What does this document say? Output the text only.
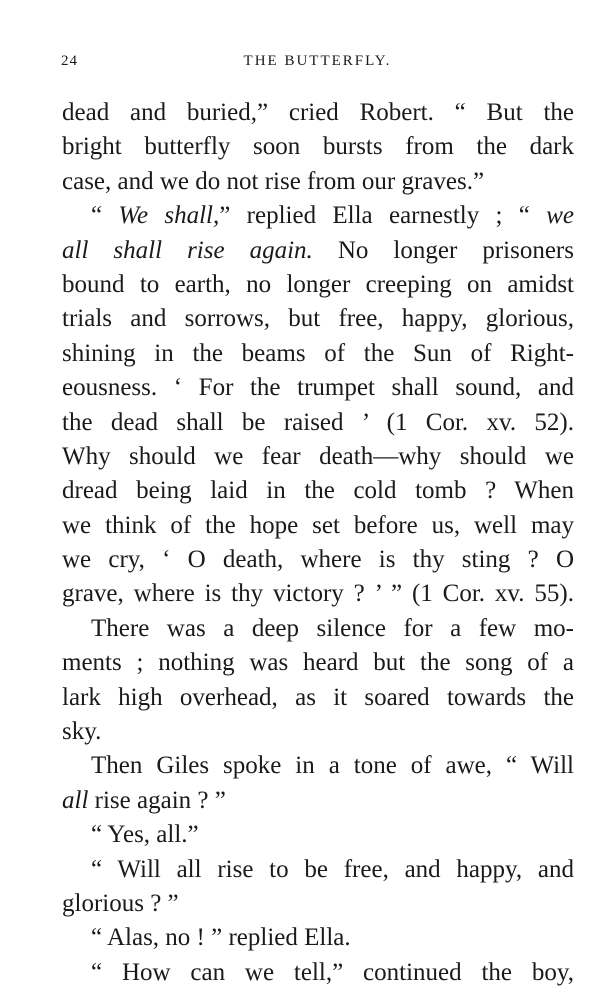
24	THE BUTTERFLY.
dead and buried,” cried Robert. “ But the
bright butterfly soon bursts from the dark
case, and we do not rise from our graves.”
“ We shall,” replied Ella earnestly ; “ we
all shall rise again. No longer prisoners
bound to earth, no longer creeping on amidst
trials and sorrows, but free, happy, glorious,
shining in the beams of the Sun of Right-
eousness. ‘ For the trumpet shall sound, and
the dead shall be raised ’ (1 Cor. xv. 52).
Why should we fear death—why should we
dread being laid in the cold tomb ? When
we think of the hope set before us, well may
we cry, ‘ O death, where is thy sting ? O
grave, where is thy victory ? ’ ” (1 Cor. xv. 55).
There was a deep silence for a few mo-
ments ; nothing was heard but the song of a
lark high overhead, as it soared towards the
sky.
Then Giles spoke in a tone of awe, “ Will
all rise again ? ”
“ Yes, all.”
“ Will all rise to be free, and happy, and
glorious ? ”
“ Alas, no ! ” replied Ella.
“ How can we tell,” continued the boy,
